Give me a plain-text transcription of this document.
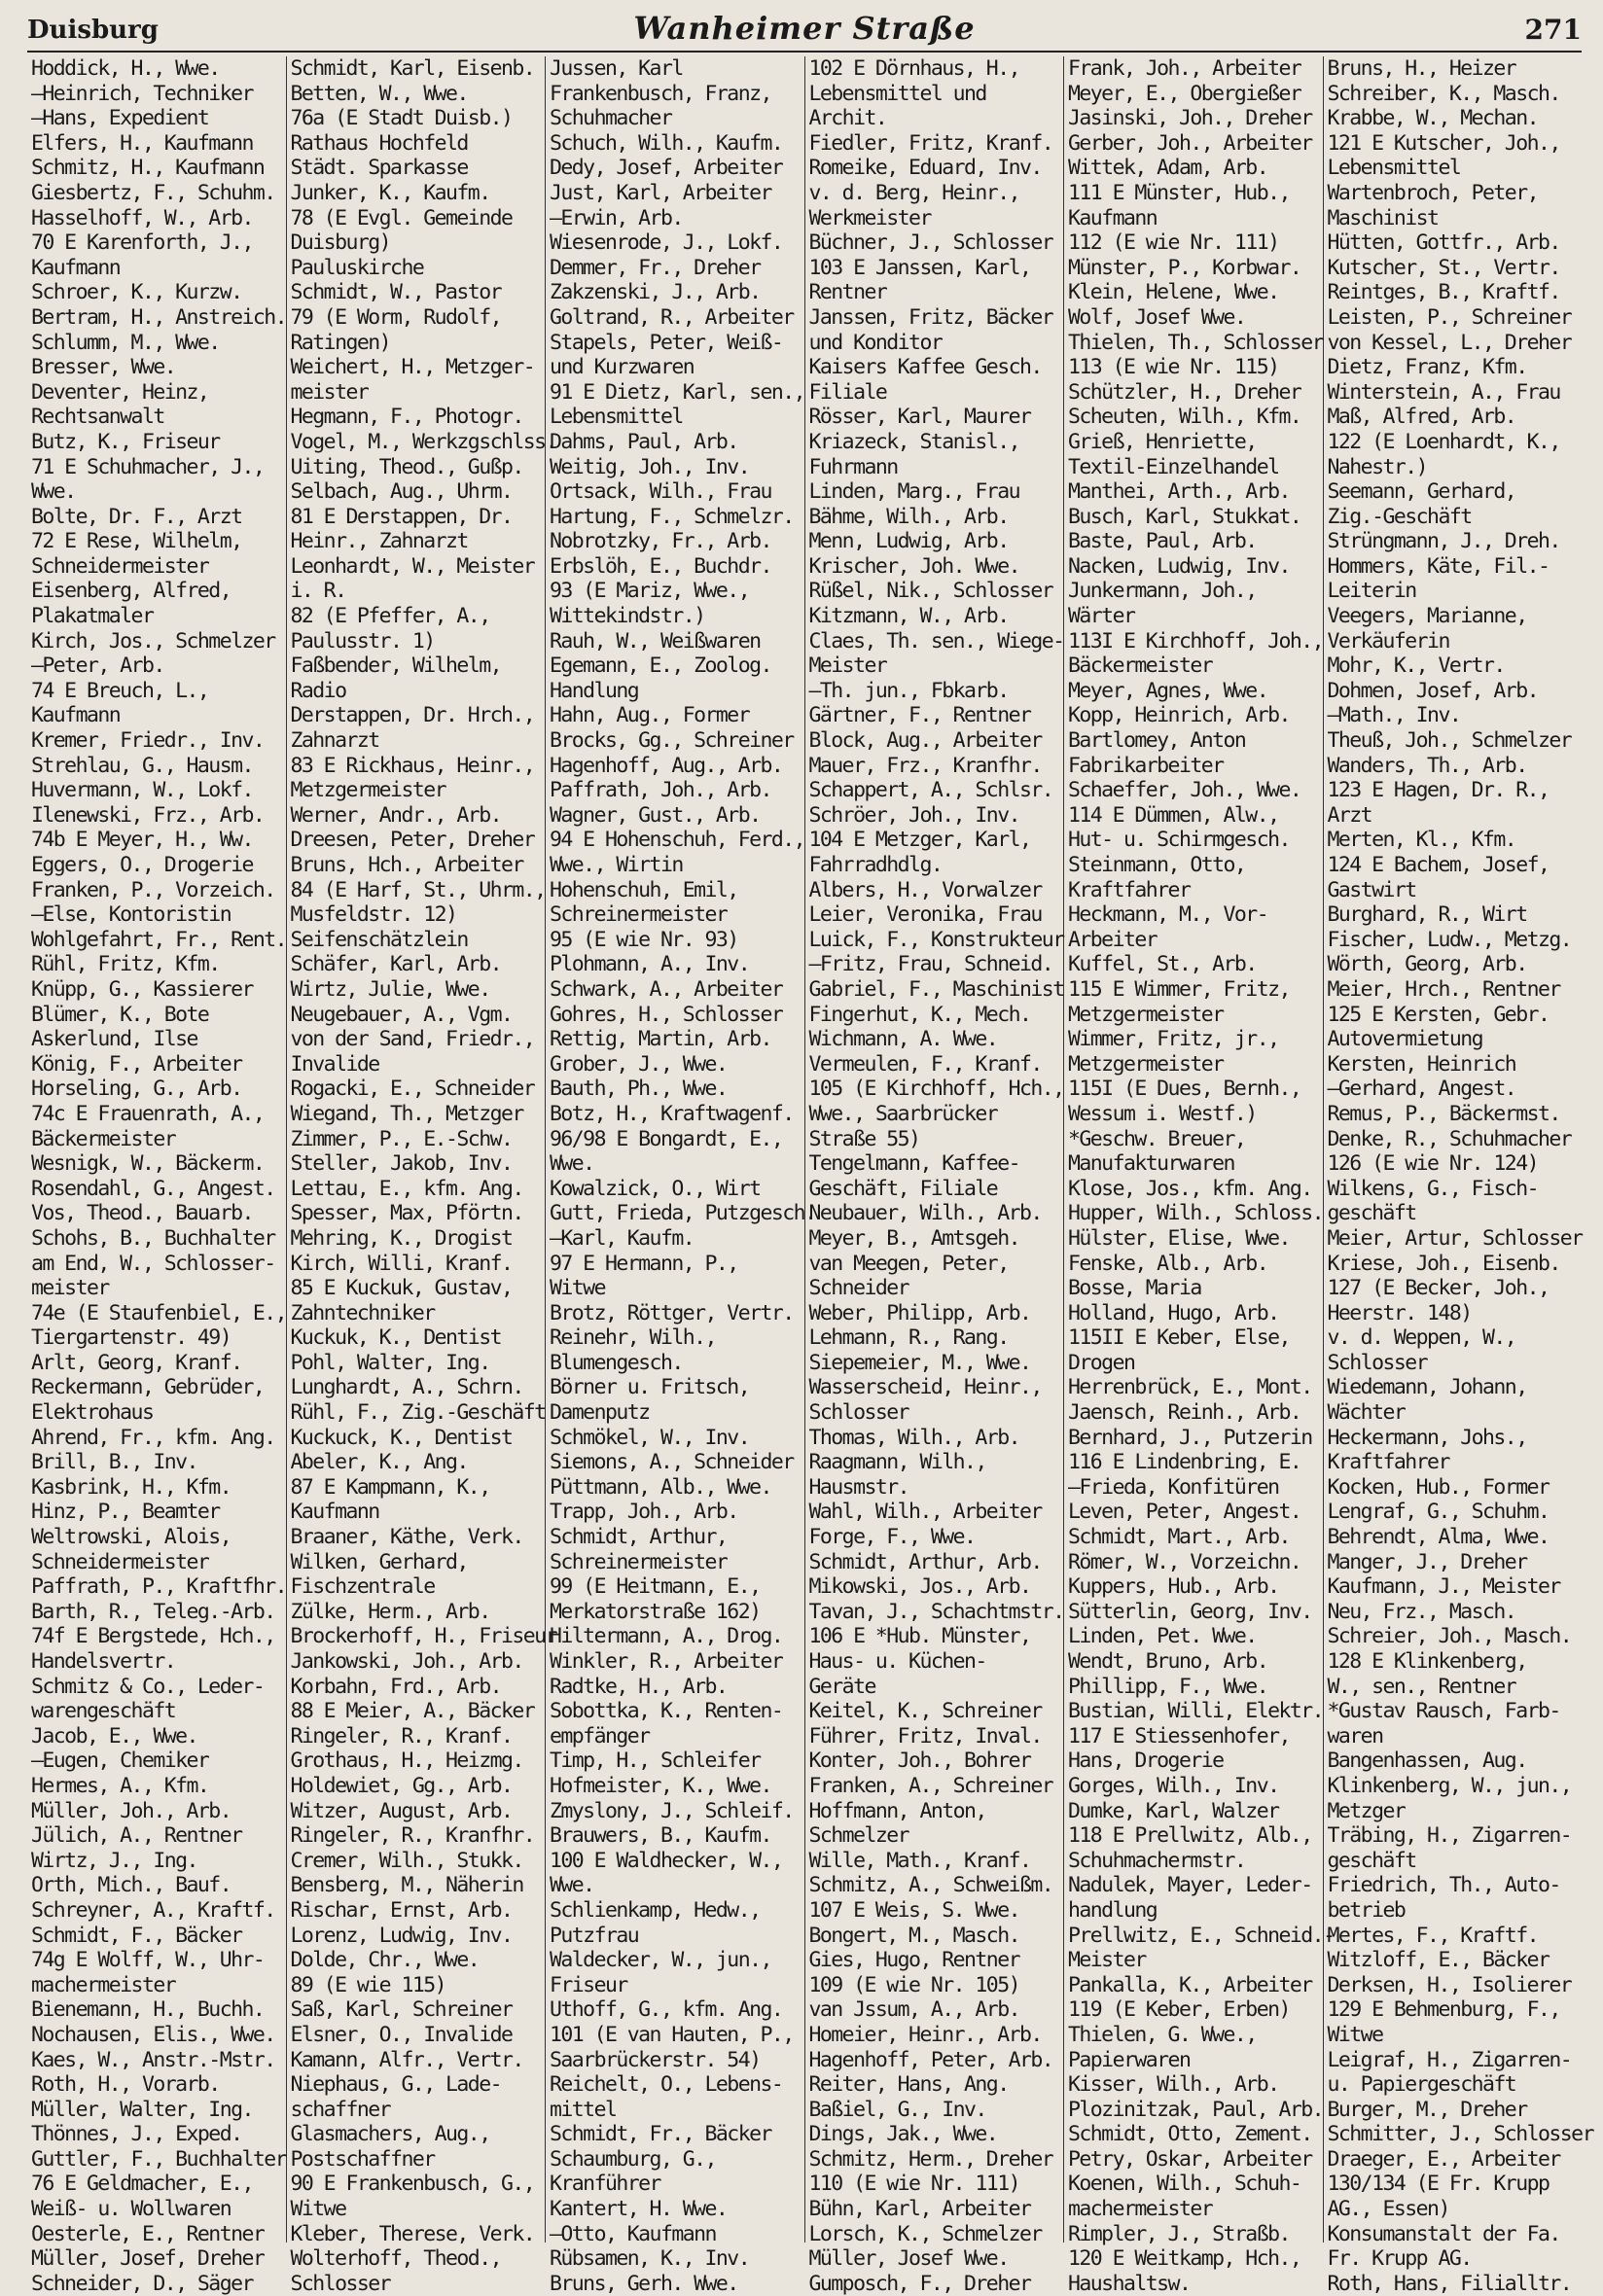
Duisburg	Wanheimer Straße	271
Hoddick, H., Wwe.
—Heinrich, Techniker
—Hans, Expedient
Elfers, H., Kaufmann
Schmitz, H., Kaufmann
Giesbertz, F., Schuhm.
Hasselhoff, W., Arb.
70 E Karenforth, J.,
Kaufmann
Schroer, K., Kurzw.
Bertram, H., Anstreich.
Schlumm, M., Wwe.
Bresser, Wwe.
Deventer, Heinz,
Rechtsanwalt
Butz, K., Friseur
71 E Schuhmacher, J.,
Wwe.
Bolte, Dr. F., Arzt
72 E Rese, Wilhelm,
Schneidermeister
Eisenberg, Alfred,
Plakatmaler
Kirch, Jos., Schmelzer
—Peter, Arb.
74 E Breuch, L.,
Kaufmann
Kremer, Friedr., Inv.
Strehlau, G., Hausm.
Huvermann, W., Lokf.
Ilenewski, Frz., Arb.
74b E Meyer, H., Ww.
Eggers, O., Drogerie
Franken, P., Vorzeich.
—Else, Kontoristin
Wohlgefahrt, Fr., Rent.
Rühl, Fritz, Kfm.
Knüpp, G., Kassierer
Blümer, K., Bote
Askerlund, Ilse
König, F., Arbeiter
Horseling, G., Arb.
74c E Frauenrath, A.,
Bäckermeister
Wesnigk, W., Bäckerm.
Rosendahl, G., Angest.
Vos, Theod., Bauarb.
Schohs, B., Buchhalter
am End, W., Schlosser-
meister
74e (E Staufenbiel, E.,
Tiergartenstr. 49)
Arlt, Georg, Kranf.
Reckermann, Gebrüder,
Elektrohaus
Ahrend, Fr., kfm. Ang.
Brill, B., Inv.
Kasbrink, H., Kfm.
Hinz, P., Beamter
Weltrowski, Alois,
Schneidermeister
Paffrath, P., Kraftfhr.
Barth, R., Teleg.-Arb.
74f E Bergstede, Hch.,
Handelsvertr.
Schmitz & Co., Leder-
warengeschäft
Jacob, E., Wwe.
—Eugen, Chemiker
Hermes, A., Kfm.
Müller, Joh., Arb.
Jülich, A., Rentner
Wirtz, J., Ing.
Orth, Mich., Bauf.
Schreyner, A., Kraftf.
Schmidt, F., Bäcker
74g E Wolff, W., Uhr-
machermeister
Bienemann, H., Buchh.
Nochausen, Elis., Wwe.
Kaes, W., Anstr.-Mstr.
Roth, H., Vorarb.
Müller, Walter, Ing.
Thönnes, J., Exped.
Guttler, F., Buchhalter
76 E Geldmacher, E.,
Weiß- u. Wollwaren
Oesterle, E., Rentner
Müller, Josef, Dreher
Schneider, D., Säger
Schmidt, Karl, Eisenb.
Betten, W., Wwe.
76a (E Stadt Duisb.)
Rathaus Hochfeld
Städt. Sparkasse
Junker, K., Kaufm.
78 (E Evgl. Gemeinde
Duisburg)
Pauluskirche
Schmidt, W., Pastor
79 (E Worm, Rudolf,
Ratingen)
Weichert, H., Metzger-
meister
Hegmann, F., Photogr.
Vogel, M., Werkzgschlss.
Uiting, Theod., Gußp.
Selbach, Aug., Uhrm.
81 E Derstappen, Dr.
Heinr., Zahnarzt
Leonhardt, W., Meister
i. R.
82 (E Pfeffer, A.,
Paulusstr. 1)
Faßbender, Wilhelm,
Radio
Derstappen, Dr. Hrch.,
Zahnarzt
83 E Rickhaus, Heinr.,
Metzgermeister
Werner, Andr., Arb.
Dreesen, Peter, Dreher
Bruns, Hch., Arbeiter
84 (E Harf, St., Uhrm.,
Musfeldstr. 12)
Seifenschätzlein
Schäfer, Karl, Arb.
Wirtz, Julie, Wwe.
Neugebauer, A., Vgm.
von der Sand, Friedr.,
Invalide
Rogacki, E., Schneider
Wiegand, Th., Metzger
Zimmer, P., E.-Schw.
Steller, Jakob, Inv.
Lettau, E., kfm. Ang.
Spesser, Max, Pförtn.
Mehring, K., Drogist
Kirch, Willi, Kranf.
85 E Kuckuk, Gustav,
Zahntechniker
Kuckuk, K., Dentist
Pohl, Walter, Ing.
Lunghardt, A., Schrn.
Rühl, F., Zig.-Geschäft
Kuckuck, K., Dentist
Abeler, K., Ang.
87 E Kampmann, K.,
Kaufmann
Braaner, Käthe, Verk.
Wilken, Gerhard,
Fischzentrale
Zülke, Herm., Arb.
Brockerhoff, H., Friseur
Jankowski, Joh., Arb.
Korbahn, Frd., Arb.
88 E Meier, A., Bäcker
Ringeler, R., Kranf.
Grothaus, H., Heizmg.
Holdewiet, Gg., Arb.
Witzer, August, Arb.
Ringeler, R., Kranfhr.
Cremer, Wilh., Stukk.
Bensberg, M., Näherin
Rischar, Ernst, Arb.
Lorenz, Ludwig, Inv.
Dolde, Chr., Wwe.
89 (E wie 115)
Saß, Karl, Schreiner
Elsner, O., Invalide
Kamann, Alfr., Vertr.
Niephaus, G., Lade-
schaffner
Glasmachers, Aug.,
Postschaffner
90 E Frankenbusch, G.,
Witwe
Kleber, Therese, Verk.
Wolterhoff, Theod.,
Schlosser
Jussen, Karl
Frankenbusch, Franz,
Schuhmacher
Schuch, Wilh., Kaufm.
Dedy, Josef, Arbeiter
Just, Karl, Arbeiter
—Erwin, Arb.
Wiesenrode, J., Lokf.
Demmer, Fr., Dreher
Zakzenski, J., Arb.
Goltrand, R., Arbeiter
Stapels, Peter, Weiß-
und Kurzwaren
91 E Dietz, Karl, sen.,
Lebensmittel
Dahms, Paul, Arb.
Weitig, Joh., Inv.
Ortsack, Wilh., Frau
Hartung, F., Schmelzr.
Nobrotzky, Fr., Arb.
Erbslöh, E., Buchdr.
93 (E Mariz, Wwe.,
Wittekindstr.)
Rauh, W., Weißwaren
Egemann, E., Zoolog.
Handlung
Hahn, Aug., Former
Brocks, Gg., Schreiner
Hagenhoff, Aug., Arb.
Paffrath, Joh., Arb.
Wagner, Gust., Arb.
94 E Hohenschuh, Ferd.,
Wwe., Wirtin
Hohenschuh, Emil,
Schreinermeister
95 (E wie Nr. 93)
Plohmann, A., Inv.
Schwark, A., Arbeiter
Gohres, H., Schlosser
Rettig, Martin, Arb.
Grober, J., Wwe.
Bauth, Ph., Wwe.
Botz, H., Kraftwagenf.
96/98 E Bongardt, E.,
Wwe.
Kowalzick, O., Wirt
Gutt, Frieda, Putzgesch.
—Karl, Kaufm.
97 E Hermann, P.,
Witwe
Brotz, Röttger, Vertr.
Reinehr, Wilh.,
Blumengesch.
Börner u. Fritsch,
Damenputz
Schmökel, W., Inv.
Siemons, A., Schneider
Püttmann, Alb., Wwe.
Trapp, Joh., Arb.
Schmidt, Arthur,
Schreinermeister
99 (E Heitmann, E.,
Merkatorstraße 162)
Hiltermann, A., Drog.
Winkler, R., Arbeiter
Radtke, H., Arb.
Sobottka, K., Renten-
empfänger
Timp, H., Schleifer
Hofmeister, K., Wwe.
Zmyslony, J., Schleif.
Brauwers, B., Kaufm.
100 E Waldhecker, W.,
Wwe.
Schlienkamp, Hedw.,
Putzfrau
Waldecker, W., jun.,
Friseur
Uthoff, G., kfm. Ang.
101 (E van Hauten, P.,
Saarbrückerstr. 54)
Reichelt, O., Lebens-
mittel
Schmidt, Fr., Bäcker
Schaumburg, G.,
Kranführer
Kantert, H. Wwe.
—Otto, Kaufmann
Rübsamen, K., Inv.
Bruns, Gerh. Wwe.
102 E Dörnhaus, H.,
Lebensmittel und
Archit.
Fiedler, Fritz, Kranf.
Romeike, Eduard, Inv.
v. d. Berg, Heinr.,
Werkmeister
Büchner, J., Schlosser
103 E Janssen, Karl,
Rentner
Janssen, Fritz, Bäcker
und Konditor
Kaisers Kaffee Gesch.
Filiale
Rösser, Karl, Maurer
Kriazeck, Stanisl.,
Fuhrmann
Linden, Marg., Frau
Bähme, Wilh., Arb.
Menn, Ludwig, Arb.
Krischer, Joh. Wwe.
Rüßel, Nik., Schlosser
Kitzmann, W., Arb.
Claes, Th. sen., Wiege-
Meister
—Th. jun., Fbkarb.
Gärtner, F., Rentner
Block, Aug., Arbeiter
Mauer, Frz., Kranfhr.
Schappert, A., Schlsr.
Schröer, Joh., Inv.
104 E Metzger, Karl,
Fahrradhdlg.
Albers, H., Vorwalzer
Leier, Veronika, Frau
Luick, F., Konstrukteur
—Fritz, Frau, Schneid.
Gabriel, F., Maschinist
Fingerhut, K., Mech.
Wichmann, A. Wwe.
Vermeulen, F., Kranf.
105 (E Kirchhoff, Hch.,
Wwe., Saarbrücker
Straße 55)
Tengelmann, Kaffee-
Geschäft, Filiale
Neubauer, Wilh., Arb.
Meyer, B., Amtsgeh.
van Meegen, Peter,
Schneider
Weber, Philipp, Arb.
Lehmann, R., Rang.
Siepemeier, M., Wwe.
Wasserscheid, Heinr.,
Schlosser
Thomas, Wilh., Arb.
Raagmann, Wilh.,
Hausmstr.
Wahl, Wilh., Arbeiter
Forge, F., Wwe.
Schmidt, Arthur, Arb.
Mikowski, Jos., Arb.
Tavan, J., Schachtmstr.
106 E *Hub. Münster,
Haus- u. Küchen-
Geräte
Keitel, K., Schreiner
Führer, Fritz, Inval.
Konter, Joh., Bohrer
Franken, A., Schreiner
Hoffmann, Anton,
Schmelzer
Wille, Math., Kranf.
Schmitz, A., Schweißm.
107 E Weis, S. Wwe.
Bongert, M., Masch.
Gies, Hugo, Rentner
109 (E wie Nr. 105)
van Jssum, A., Arb.
Homeier, Heinr., Arb.
Hagenhoff, Peter, Arb.
Reiter, Hans, Ang.
Baßiel, G., Inv.
Dings, Jak., Wwe.
Schmitz, Herm., Dreher
110 (E wie Nr. 111)
Bühn, Karl, Arbeiter
Lorsch, K., Schmelzer
Müller, Josef Wwe.
Gumposch, F., Dreher
Frank, Joh., Arbeiter
Meyer, E., Obergießer
Jasinski, Joh., Dreher
Gerber, Joh., Arbeiter
Wittek, Adam, Arb.
111 E Münster, Hub.,
Kaufmann
112 (E wie Nr. 111)
Münster, P., Korbwar.
Klein, Helene, Wwe.
Wolf, Josef Wwe.
Thielen, Th., Schlosser
113 (E wie Nr. 115)
Schützler, H., Dreher
Scheuten, Wilh., Kfm.
Grieß, Henriette,
Textil-Einzelhandel
Manthei, Arth., Arb.
Busch, Karl, Stukkat.
Baste, Paul, Arb.
Nacken, Ludwig, Inv.
Junkermann, Joh.,
Wärter
113I E Kirchhoff, Joh.,
Bäckermeister
Meyer, Agnes, Wwe.
Kopp, Heinrich, Arb.
Bartlomey, Anton
Fabrikarbeiter
Schaeffer, Joh., Wwe.
114 E Dümmen, Alw.,
Hut- u. Schirmgesch.
Steinmann, Otto,
Kraftfahrer
Heckmann, M., Vor-
Arbeiter
Kuffel, St., Arb.
115 E Wimmer, Fritz,
Metzgermeister
Wimmer, Fritz, jr.,
Metzgermeister
115I (E Dues, Bernh.,
Wessum i. Westf.)
*Geschw. Breuer,
Manufakturwaren
Klose, Jos., kfm. Ang.
Hupper, Wilh., Schloss.
Hülster, Elise, Wwe.
Fenske, Alb., Arb.
Bosse, Maria
Holland, Hugo, Arb.
115II E Keber, Else,
Drogen
Herrenbrück, E., Mont.
Jaensch, Reinh., Arb.
Bernhard, J., Putzerin
116 E Lindenbring, E.
—Frieda, Konfitüren
Leven, Peter, Angest.
Schmidt, Mart., Arb.
Römer, W., Vorzeichn.
Kuppers, Hub., Arb.
Sütterlin, Georg, Inv.
Linden, Pet. Wwe.
Wendt, Bruno, Arb.
Phillipp, F., Wwe.
Bustian, Willi, Elektr.
117 E Stiessenhofer,
Hans, Drogerie
Gorges, Wilh., Inv.
Dumke, Karl, Walzer
118 E Prellwitz, Alb.,
Schuhmachermstr.
Nadulek, Mayer, Leder-
handlung
Prellwitz, E., Schneid.-
Meister
Pankalla, K., Arbeiter
119 (E Keber, Erben)
Thielen, G. Wwe.,
Papierwaren
Kisser, Wilh., Arb.
Plozinitzak, Paul, Arb.
Schmidt, Otto, Zement.
Petry, Oskar, Arbeiter
Koenen, Wilh., Schuh-
machermeister
Rimpler, J., Straßb.
120 E Weitkamp, Hch.,
Haushaltsw.
Bruns, H., Heizer
Schreiber, K., Masch.
Krabbe, W., Mechan.
121 E Kutscher, Joh.,
Lebensmittel
Wartenbroch, Peter,
Maschinist
Hütten, Gottfr., Arb.
Kutscher, St., Vertr.
Reintges, B., Kraftf.
Leisten, P., Schreiner
von Kessel, L., Dreher
Dietz, Franz, Kfm.
Winterstein, A., Frau
Maß, Alfred, Arb.
122 (E Loenhardt, K.,
Nahestr.)
Seemann, Gerhard,
Zig.-Geschäft
Strüngmann, J., Dreh.
Hommers, Käte, Fil.-
Leiterin
Veegers, Marianne,
Verkäuferin
Mohr, K., Vertr.
Dohmen, Josef, Arb.
—Math., Inv.
Theuß, Joh., Schmelzer
Wanders, Th., Arb.
123 E Hagen, Dr. R.,
Arzt
Merten, Kl., Kfm.
124 E Bachem, Josef,
Gastwirt
Burghard, R., Wirt
Fischer, Ludw., Metzg.
Wörth, Georg, Arb.
Meier, Hrch., Rentner
125 E Kersten, Gebr.
Autovermietung
Kersten, Heinrich
—Gerhard, Angest.
Remus, P., Bäckermst.
Denke, R., Schuhmacher
126 (E wie Nr. 124)
Wilkens, G., Fisch-
geschäft
Meier, Artur, Schlosser
Kriese, Joh., Eisenb.
127 (E Becker, Joh.,
Heerstr. 148)
v. d. Weppen, W.,
Schlosser
Wiedemann, Johann,
Wächter
Heckermann, Johs.,
Kraftfahrer
Kocken, Hub., Former
Lengraf, G., Schuhm.
Behrendt, Alma, Wwe.
Manger, J., Dreher
Kaufmann, J., Meister
Neu, Frz., Masch.
Schreier, Joh., Masch.
128 E Klinkenberg,
W., sen., Rentner
*Gustav Rausch, Farb-
waren
Bangenhassen, Aug.
Klinkenberg, W., jun.,
Metzger
Träbing, H., Zigarren-
geschäft
Friedrich, Th., Auto-
betrieb
Mertes, F., Kraftf.
Witzloff, E., Bäcker
Derksen, H., Isolierer
129 E Behmenburg, F.,
Witwe
Leigraf, H., Zigarren-
u. Papiergeschäft
Burger, M., Dreher
Schmitter, J., Schlosser
Draeger, E., Arbeiter
130/134 (E Fr. Krupp
AG., Essen)
Konsumanstalt der Fa.
Fr. Krupp AG.
Roth, Hans, Filialltr.
